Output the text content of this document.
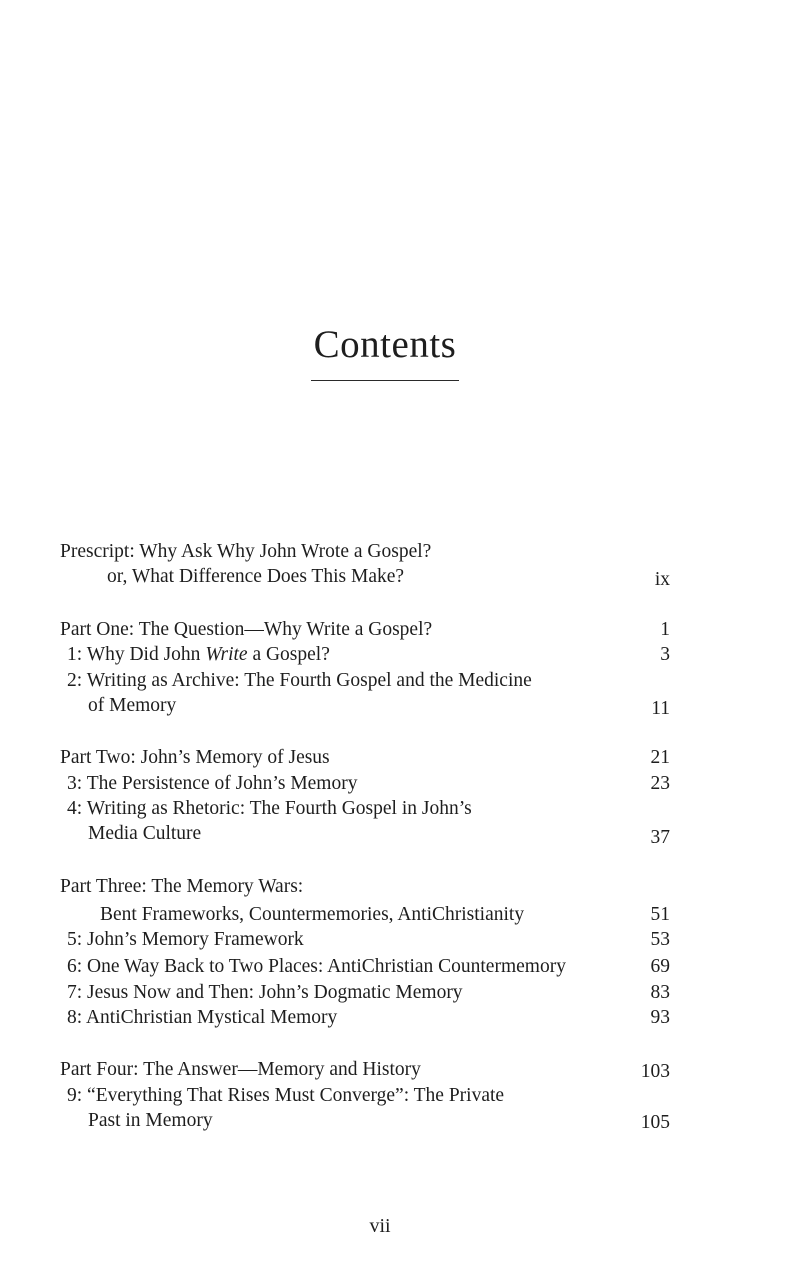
Contents
Prescript: Why Ask Why John Wrote a Gospel?
or, What Difference Does This Make?	ix
Part One: The Question—Why Write a Gospel?	1
1: Why Did John Write a Gospel?	3
2: Writing as Archive: The Fourth Gospel and the Medicine
of Memory	11
Part Two: John’s Memory of Jesus	21
3: The Persistence of John’s Memory	23
4: Writing as Rhetoric: The Fourth Gospel in John’s
Media Culture	37
Part Three: The Memory Wars:
Bent Frameworks, Countermemories, AntiChristianity	51
5: John’s Memory Framework	53
6: One Way Back to Two Places: AntiChristian Countermemory	69
7: Jesus Now and Then: John’s Dogmatic Memory	83
8: AntiChristian Mystical Memory	93
Part Four: The Answer—Memory and History	103
9: “Everything That Rises Must Converge”: The Private
Past in Memory	105
vii
